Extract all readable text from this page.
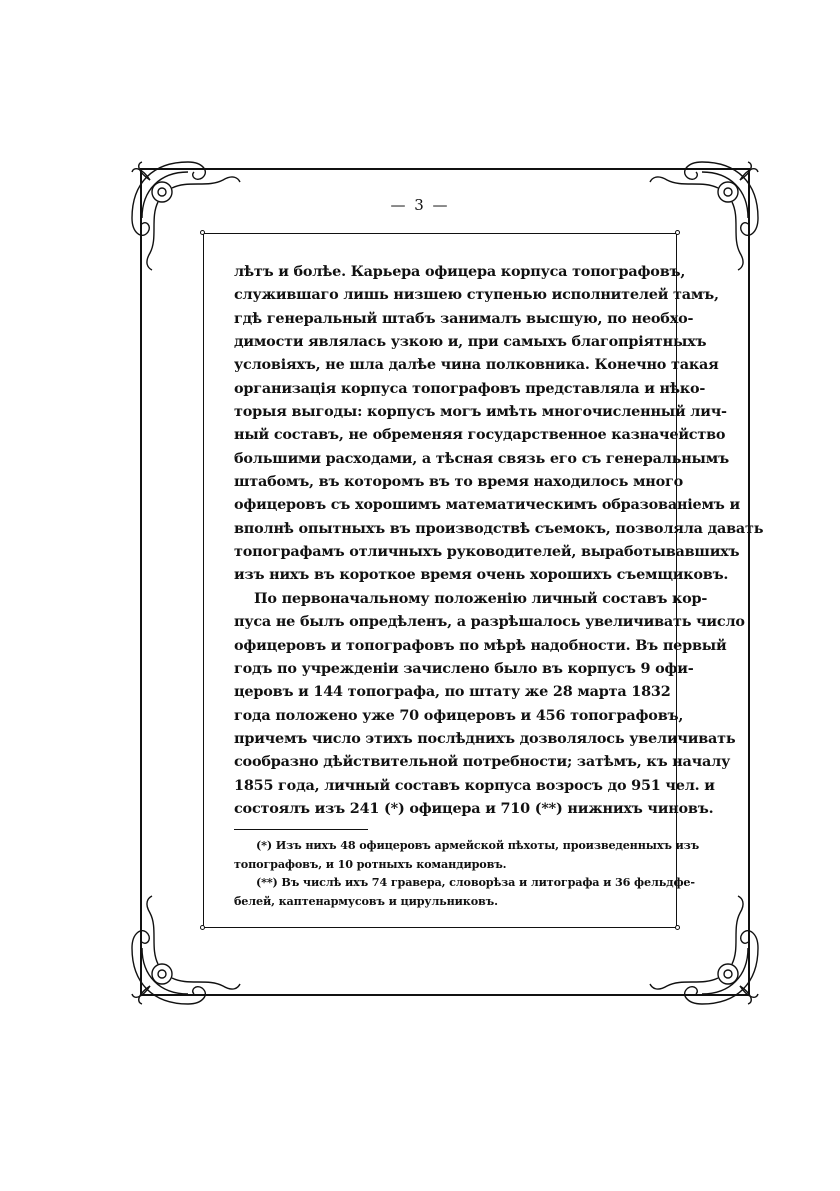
— 3 —
лѣтъ и болѣе. Карьера офицера корпуса топографовъ,
служившаго лишь низшею ступенью исполнителей тамъ,
гдѣ генеральный штабъ занималъ высшую, по необхо-
димости являлась узкою и, при самыхъ благопріятныхъ
условіяхъ, не шла далѣе чина полковника. Конечно такая
организація корпуса топографовъ представляла и нѣко-
торыя выгоды: корпусъ могъ имѣть многочисленный лич-
ный составъ, не обременяя государственное казначейство
большими расходами, а тѣсная связь его съ генеральнымъ
штабомъ, въ которомъ въ то время находилось много
офицеровъ съ хорошимъ математическимъ образованіемъ и
вполнѣ опытныхъ въ производствѣ съемокъ, позволяла давать
топографамъ отличныхъ руководителей, выработывавшихъ
изъ нихъ въ короткое время очень хорошихъ съемщиковъ.
По первоначальному положенію личный составъ кор-
пуса не былъ опредѣленъ, а разрѣшалось увеличивать число
офицеровъ и топографовъ по мѣрѣ надобности. Въ первый
годъ по учрежденіи зачислено было въ корпусъ 9 офи-
церовъ и 144 топографа, по штату же 28 марта 1832
года положено уже 70 офицеровъ и 456 топографовъ,
причемъ число этихъ послѣднихъ дозволялось увеличивать
сообразно дѣйствительной потребности; затѣмъ, къ началу
1855 года, личный составъ корпуса возросъ до 951 чел. и
состоялъ изъ 241 (*) офицера и 710 (**) нижнихъ чиновъ.
(*) Изъ нихъ 48 офицеровъ армейской пѣхоты, произведенныхъ изъ
топографовъ, и 10 ротныхъ командировъ.
(**) Въ числѣ ихъ 74 гравера, словорѣза и литографа и 36 фельдфе-
белей, каптенармусовъ и цирульниковъ.
